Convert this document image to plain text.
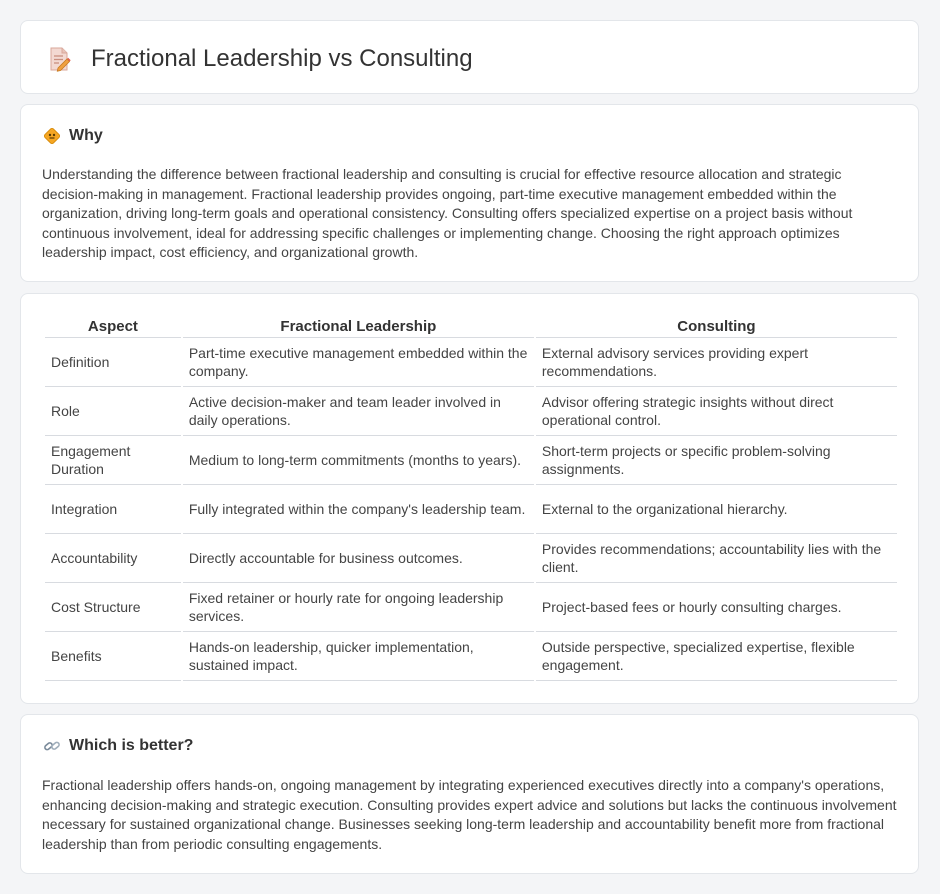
Fractional Leadership vs Consulting
Why

Understanding the difference between fractional leadership and consulting is crucial for effective resource allocation and strategic decision-making in management. Fractional leadership provides ongoing, part-time executive management embedded within the organization, driving long-term goals and operational consistency. Consulting offers specialized expertise on a project basis without continuous involvement, ideal for addressing specific challenges or implementing change. Choosing the right approach optimizes leadership impact, cost efficiency, and organizational growth.

Aspect	Fractional Leadership	Consulting
Definition	Part-time executive management embedded within the company.	External advisory services providing expert recommendations.
Role	Active decision-maker and team leader involved in daily operations.	Advisor offering strategic insights without direct operational control.
Engagement Duration	Medium to long-term commitments (months to years).	Short-term projects or specific problem-solving assignments.
Integration	Fully integrated within the company's leadership team.	External to the organizational hierarchy.
Accountability	Directly accountable for business outcomes.	Provides recommendations; accountability lies with the client.
Cost Structure	Fixed retainer or hourly rate for ongoing leadership services.	Project-based fees or hourly consulting charges.
Benefits	Hands-on leadership, quicker implementation, sustained impact.	Outside perspective, specialized expertise, flexible engagement.
Which is better?

Fractional leadership offers hands-on, ongoing management by integrating experienced executives directly into a company's operations, enhancing decision-making and strategic execution. Consulting provides expert advice and solutions but lacks the continuous involvement necessary for sustained organizational change. Businesses seeking long-term leadership and accountability benefit more from fractional leadership than from periodic consulting engagements.
